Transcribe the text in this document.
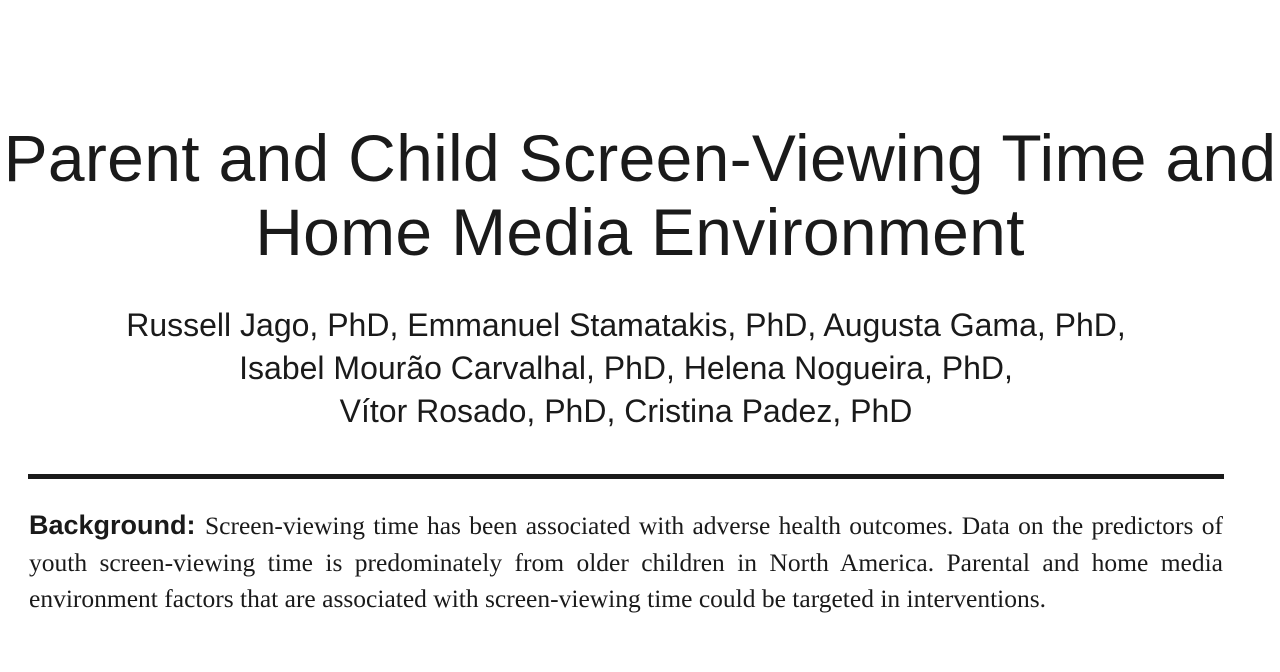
Parent and Child Screen-Viewing Time and
Home Media Environment
Russell Jago, PhD, Emmanuel Stamatakis, PhD, Augusta Gama, PhD,
Isabel Mourão Carvalhal, PhD, Helena Nogueira, PhD,
Vítor Rosado, PhD, Cristina Padez, PhD
Background: Screen-viewing time has been associated with adverse health outcomes. Data on the predictors of youth screen-viewing time is predominately from older children in North America. Parental and home media environment factors that are associated with screen-viewing time could be targeted in interventions.
